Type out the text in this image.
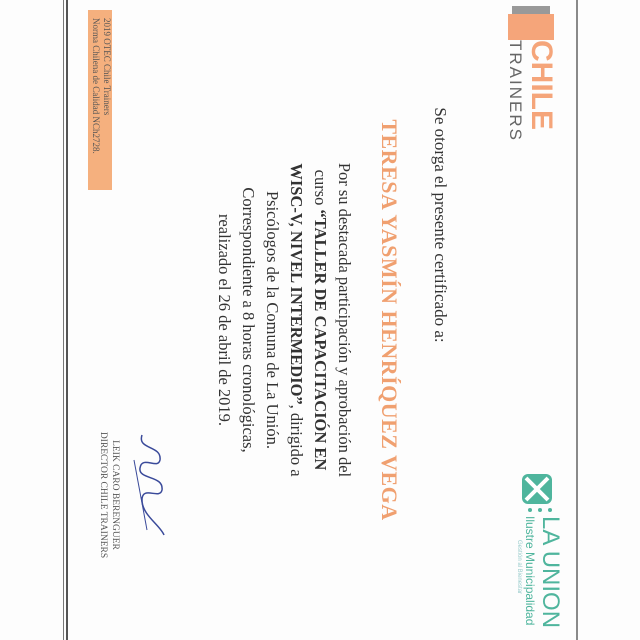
CHILE
TRAINERS
Se otorga el presente certificado a:
TERESA YASMÍN HENRÍQUEZ VEGA
Por su destacada participación y aprobación del
curso “TALLER DE CAPACITACIÓN EN
WISC-V, NIVEL INTERMEDIO”, dirigido a
Psicólogos de la Comuna de La Unión.
Correspondiente a 8 horas cronológicas,
realizado el 26 de abril de 2019.
LA UNION
Ilustre Municipalidad
Gestión al Bienestar
2019 OTEC Chile Trainers
Norma Chilena de Calidad NCh2728.
LEIK CARO BERENGUER
DIRECTOR CHILE TRAINERS
